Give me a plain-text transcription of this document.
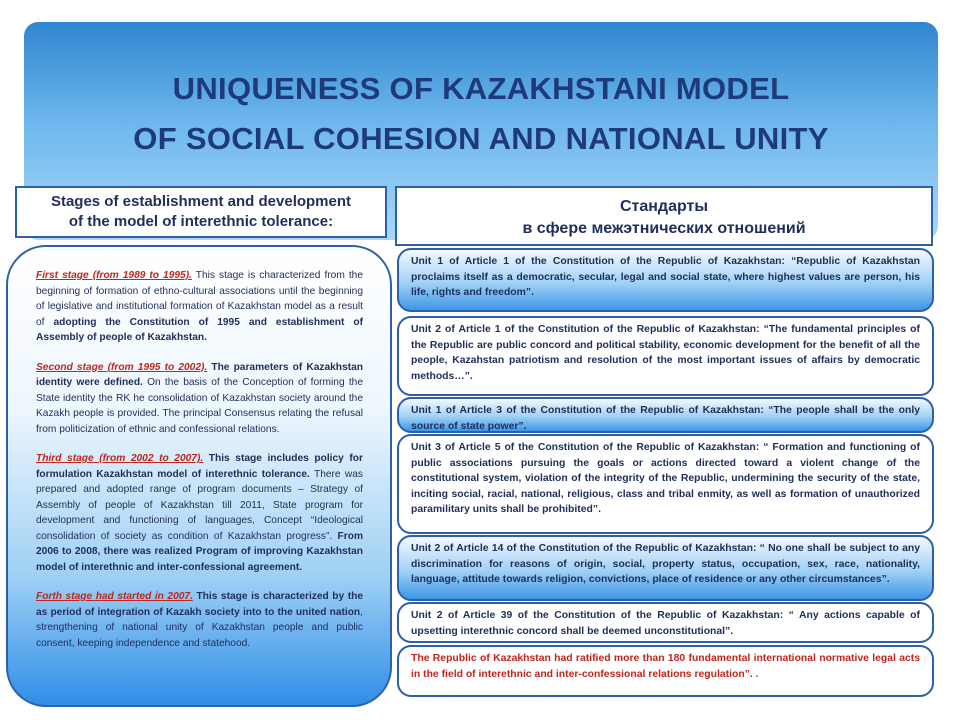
UNIQUENESS OF KAZAKHSTANI MODEL
OF SOCIAL COHESION AND NATIONAL UNITY
Stages of establishment and development
of the model of interethnic tolerance:
Стандарты
в сфере межэтнических отношений

First stage (from 1989 to 1995). This stage is characterized from the beginning of formation of ethno-cultural associations until the beginning of legislative and institutional formation of Kazakhstan model as a result of adopting the Constitution of 1995 and establishment of Assembly of people of Kazakhstan.

Second stage (from 1995 to 2002). The parameters of Kazakhstan identity were defined. On the basis of the Conception of forming the State identity the RK he consolidation of Kazakhstan society around the Kazakh people is provided. The principal Consensus relating the refusal from politicization of ethnic and confessional relations.

Third stage (from 2002 to 2007). This stage includes policy for formulation Kazakhstan model of interethnic tolerance. There was prepared and adopted range of program documents – Strategy of Assembly of people of Kazakhstan till 2011, State program for development and functioning of languages, Concept “Ideological consolidation of society as condition of Kazakhstan progress”. From 2006 to 2008, there was realized Program of improving Kazakhstan model of interethnic and inter-confessional agreement.

Forth stage had started in 2007. This stage is characterized by the as period of integration of Kazakh society into to the united nation, strengthening of national unity of Kazakhstan people and public consent, keeping independence and statehood.

Unit 1 of Article 1 of the Constitution of the Republic of Kazakhstan: “Republic of Kazakhstan proclaims itself as a democratic, secular, legal and social state, where highest values are person, his life, rights and freedom”.
Unit 2 of Article 1 of the Constitution of the Republic of Kazakhstan: “The fundamental principles of the Republic are public concord and political stability, economic development for the benefit of all the people, Kazahstan patriotism and resolution of the most important issues of affairs by democratic methods…”.
Unit 1 of Article 3 of the Constitution of the Republic of Kazakhstan: “The people shall be the only source of state power”.
Unit 3 of Article 5 of the Constitution of the Republic of Kazakhstan: “ Formation and functioning of public associations pursuing the goals or actions directed toward a violent change of the constitutional system, violation of the integrity of the Republic, undermining the security of the state, inciting social, racial, national, religious, class and tribal enmity, as well as formation of unauthorized paramilitary units shall be prohibited”.
Unit 2 of Article 14 of the Constitution of the Republic of Kazakhstan: “ No one shall be subject to any discrimination for reasons of origin, social, property status, occupation, sex, race, nationality, language, attitude towards religion, convictions, place of residence or any other circumstances”.
Unit 2 of Article 39 of the Constitution of the Republic of Kazakhstan: “ Any actions capable of upsetting interethnic concord shall be deemed unconstitutional”.
The Republic of Kazakhstan had ratified more than 180 fundamental international normative legal acts in the field of interethnic and inter-confessional relations regulation”. .
